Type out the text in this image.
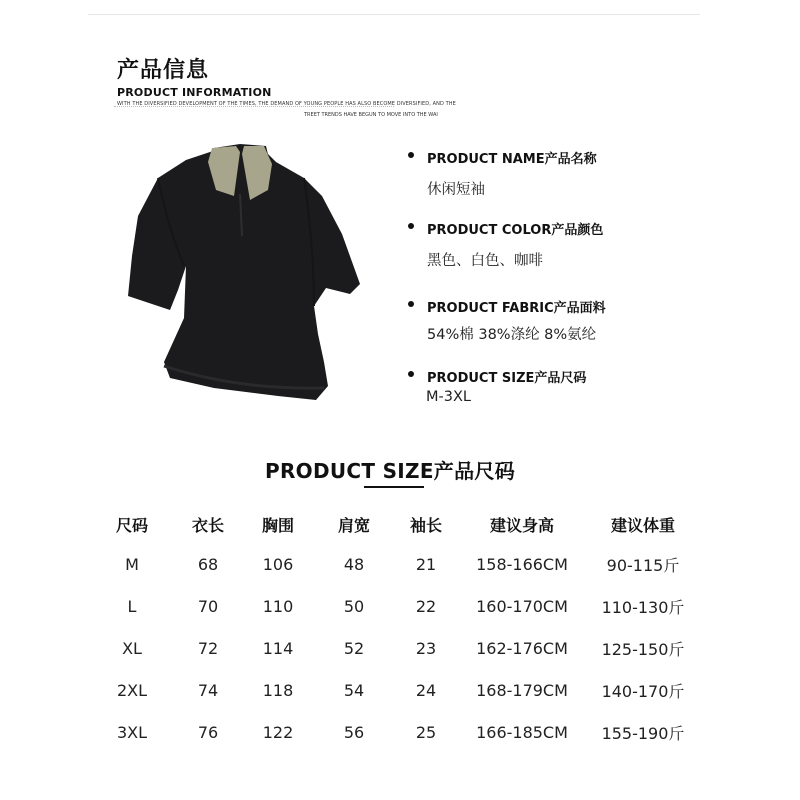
产品信息
PRODUCT INFORMATION
WITH THE DIVERSIFIED DEVELOPMENT OF THE TIMES, THE DEMAND OF YOUNG PEOPLE HAS ALSO BECOME DIVERSIFIED, AND THE
TREET TRENDS HAVE BEGUN TO MOVE INTO THE WAI
PRODUCT NAME产品名称
休闲短袖
PRODUCT COLOR产品颜色
黑色、白色、咖啡
PRODUCT FABRIC产品面料
54%棉 38%涤纶 8%氨纶
PRODUCT SIZE产品尺码
M-3XL
PRODUCT SIZE产品尺码
尺码	衣长	胸围	肩宽	袖长	建议身高	建议体重
M	68	106	48	21	158-166CM	90-115斤
L	70	110	50	22	160-170CM	110-130斤
XL	72	114	52	23	162-176CM	125-150斤
2XL	74	118	54	24	168-179CM	140-170斤
3XL	76	122	56	25	166-185CM	155-190斤
